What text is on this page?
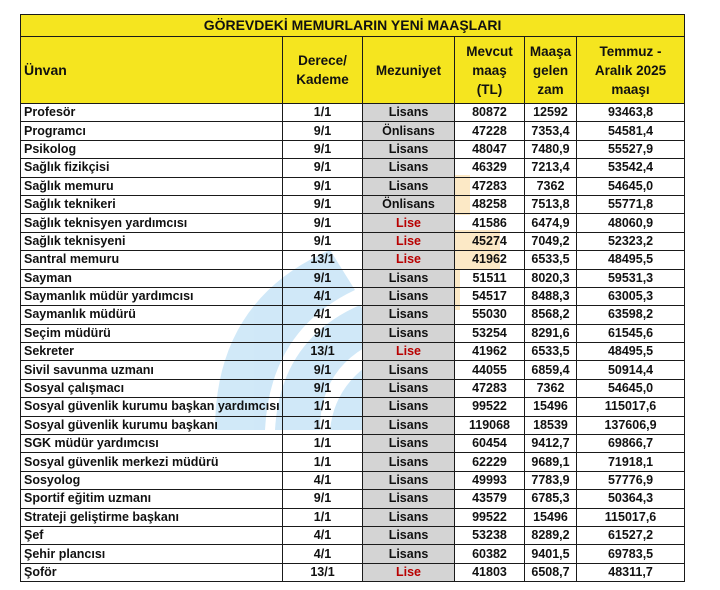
GÖREVDEKİ MEMURLARIN YENİ MAAŞLARI					
Ünvan	Derece/ Kademe	Mezuniyet	Mevcut maaş (TL)	Maaşa gelen zam	Temmuz - Aralık 2025 maaşı
Profesör	1/1	Lisans	80872	12592	93463,8
Programcı	9/1	Önlisans	47228	7353,4	54581,4
Psikolog	9/1	Lisans	48047	7480,9	55527,9
Sağlık fizikçisi	9/1	Lisans	46329	7213,4	53542,4
Sağlık memuru	9/1	Lisans	47283	7362	54645,0
Sağlık teknikeri	9/1	Önlisans	48258	7513,8	55771,8
Sağlık teknisyen yardımcısı	9/1	Lise	41586	6474,9	48060,9
Sağlık teknisyeni	9/1	Lise	45274	7049,2	52323,2
Santral memuru	13/1	Lise	41962	6533,5	48495,5
Sayman	9/1	Lisans	51511	8020,3	59531,3
Saymanlık müdür yardımcısı	4/1	Lisans	54517	8488,3	63005,3
Saymanlık müdürü	4/1	Lisans	55030	8568,2	63598,2
Seçim müdürü	9/1	Lisans	53254	8291,6	61545,6
Sekreter	13/1	Lise	41962	6533,5	48495,5
Sivil savunma uzmanı	9/1	Lisans	44055	6859,4	50914,4
Sosyal çalışmacı	9/1	Lisans	47283	7362	54645,0
Sosyal güvenlik kurumu başkan yardımcısı	1/1	Lisans	99522	15496	115017,6
Sosyal güvenlik kurumu başkanı	1/1	Lisans	119068	18539	137606,9
SGK müdür yardımcısı	1/1	Lisans	60454	9412,7	69866,7
Sosyal güvenlik merkezi müdürü	1/1	Lisans	62229	9689,1	71918,1
Sosyolog	4/1	Lisans	49993	7783,9	57776,9
Sportif eğitim uzmanı	9/1	Lisans	43579	6785,3	50364,3
Strateji geliştirme başkanı	1/1	Lisans	99522	15496	115017,6
Şef	4/1	Lisans	53238	8289,2	61527,2
Şehir plancısı	4/1	Lisans	60382	9401,5	69783,5
Şoför	13/1	Lise	41803	6508,7	48311,7
